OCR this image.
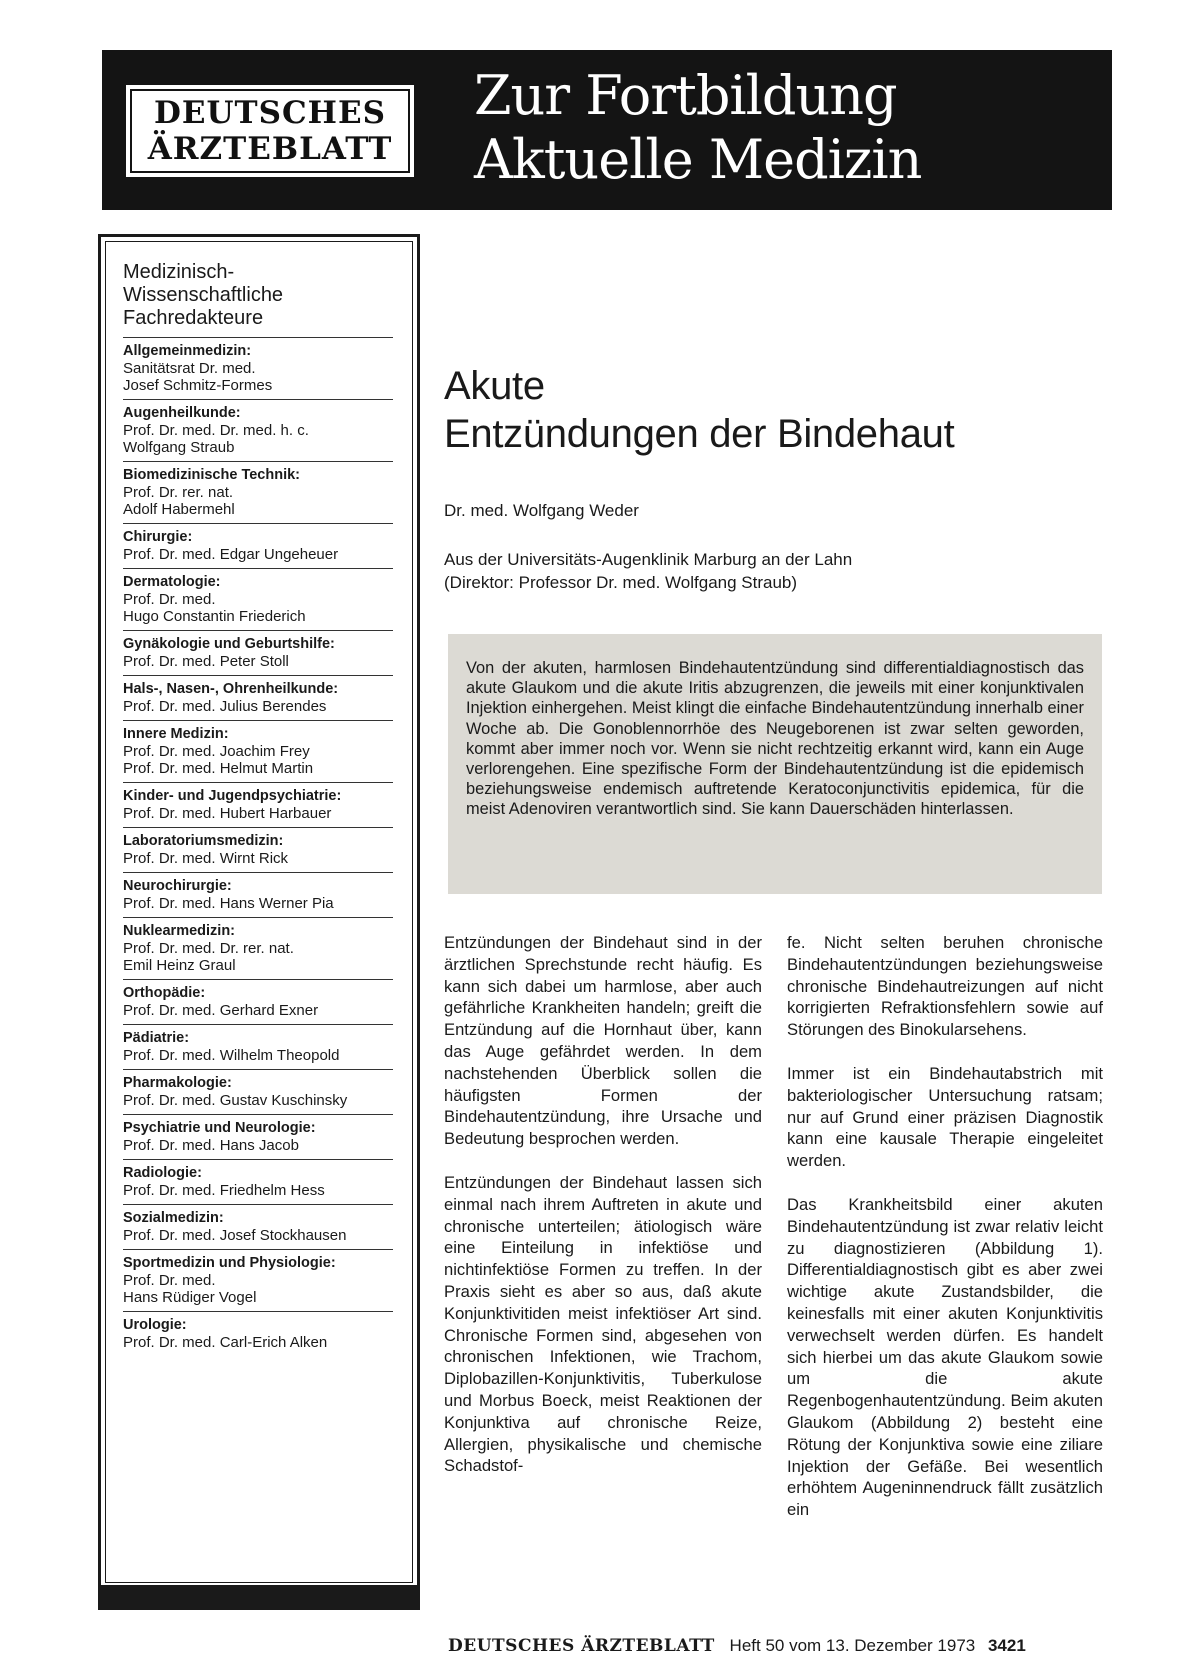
DEUTSCHES
ÄRZTEBLATT
Zur Fortbildung
Aktuelle Medizin
Medizinisch-
Wissenschaftliche
Fachredakteure
Allgemeinmedizin:
Sanitätsrat Dr. med.
Josef Schmitz-Formes
Augenheilkunde:
Prof. Dr. med. Dr. med. h. c.
Wolfgang Straub
Biomedizinische Technik:
Prof. Dr. rer. nat.
Adolf Habermehl
Chirurgie:
Prof. Dr. med. Edgar Ungeheuer
Dermatologie:
Prof. Dr. med.
Hugo Constantin Friederich
Gynäkologie und Geburtshilfe:
Prof. Dr. med. Peter Stoll
Hals-, Nasen-, Ohrenheilkunde:
Prof. Dr. med. Julius Berendes
Innere Medizin:
Prof. Dr. med. Joachim Frey
Prof. Dr. med. Helmut Martin
Kinder- und Jugendpsychiatrie:
Prof. Dr. med. Hubert Harbauer
Laboratoriumsmedizin:
Prof. Dr. med. Wirnt Rick
Neurochirurgie:
Prof. Dr. med. Hans Werner Pia
Nuklearmedizin:
Prof. Dr. med. Dr. rer. nat.
Emil Heinz Graul
Orthopädie:
Prof. Dr. med. Gerhard Exner
Pädiatrie:
Prof. Dr. med. Wilhelm Theopold
Pharmakologie:
Prof. Dr. med. Gustav Kuschinsky
Psychiatrie und Neurologie:
Prof. Dr. med. Hans Jacob
Radiologie:
Prof. Dr. med. Friedhelm Hess
Sozialmedizin:
Prof. Dr. med. Josef Stockhausen
Sportmedizin und Physiologie:
Prof. Dr. med.
Hans Rüdiger Vogel
Urologie:
Prof. Dr. med. Carl-Erich Alken
Akute
Entzündungen der Bindehaut
Dr. med. Wolfgang Weder
Aus der Universitäts-Augenklinik Marburg an der Lahn
(Direktor: Professor Dr. med. Wolfgang Straub)
Von der akuten, harmlosen Bindehautentzündung sind differentialdiagnostisch das akute Glaukom und die akute Iritis abzugrenzen, die jeweils mit einer konjunktivalen Injektion einhergehen. Meist klingt die einfache Bindehautentzündung innerhalb einer Woche ab. Die Gonoblennorrhöe des Neugeborenen ist zwar selten geworden, kommt aber immer noch vor. Wenn sie nicht rechtzeitig erkannt wird, kann ein Auge verlorengehen. Eine spezifische Form der Bindehautentzündung ist die epidemisch beziehungsweise endemisch auftretende Keratoconjunctivitis epidemica, für die meist Adenoviren verantwortlich sind. Sie kann Dauerschäden hinterlassen.

Entzündungen der Bindehaut sind in der ärztlichen Sprechstunde recht häufig. Es kann sich dabei um harmlose, aber auch gefährliche Krankheiten handeln; greift die Entzündung auf die Hornhaut über, kann das Auge gefährdet werden. In dem nachstehenden Überblick sollen die häufigsten Formen der Bindehautentzündung, ihre Ursache und Bedeutung besprochen werden.

Entzündungen der Bindehaut lassen sich einmal nach ihrem Auftreten in akute und chronische unterteilen; ätiologisch wäre eine Einteilung in infektiöse und nichtinfektiöse Formen zu treffen. In der Praxis sieht es aber so aus, daß akute Konjunktivitiden meist infektiöser Art sind. Chronische Formen sind, abgesehen von chronischen Infektionen, wie Trachom, Diplobazillen-Konjunktivitis, Tuberkulose und Morbus Boeck, meist Reaktionen der Konjunktiva auf chronische Reize, Allergien, physikalische und chemische Schadstof-

fe. Nicht selten beruhen chronische Bindehautentzündungen beziehungsweise chronische Bindehautreizungen auf nicht korrigierten Refraktionsfehlern sowie auf Störungen des Binokularsehens.

Immer ist ein Bindehautabstrich mit bakteriologischer Untersuchung ratsam; nur auf Grund einer präzisen Diagnostik kann eine kausale Therapie eingeleitet werden.

Das Krankheitsbild einer akuten Bindehautentzündung ist zwar relativ leicht zu diagnostizieren (Abbildung 1). Differentialdiagnostisch gibt es aber zwei wichtige akute Zustandsbilder, die keinesfalls mit einer akuten Konjunktivitis verwechselt werden dürfen. Es handelt sich hierbei um das akute Glaukom sowie um die akute Regenbogenhautentzündung. Beim akuten Glaukom (Abbildung 2) besteht eine Rötung der Konjunktiva sowie eine ziliare Injektion der Gefäße. Bei wesentlich erhöhtem Augeninnendruck fällt zusätzlich ein

DEUTSCHES ÄRZTEBLATT Heft 50 vom 13. Dezember 1973 3421
